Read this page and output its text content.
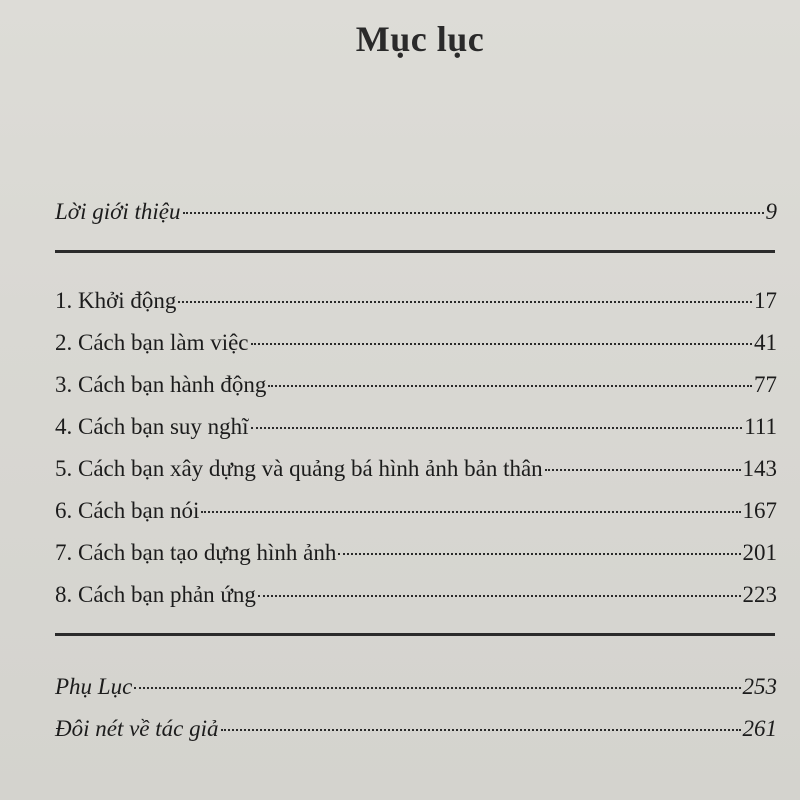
Mục lục
Lời giới thiệu	9
1. Khởi động	17
2. Cách bạn làm việc	41
3. Cách bạn hành động	77
4. Cách bạn suy nghĩ	111
5. Cách bạn xây dựng và quảng bá hình ảnh bản thân	143
6. Cách bạn nói	167
7. Cách bạn tạo dựng hình ảnh	201
8. Cách bạn phản ứng	223
Phụ Lục	253
Đôi nét về tác giả	261
